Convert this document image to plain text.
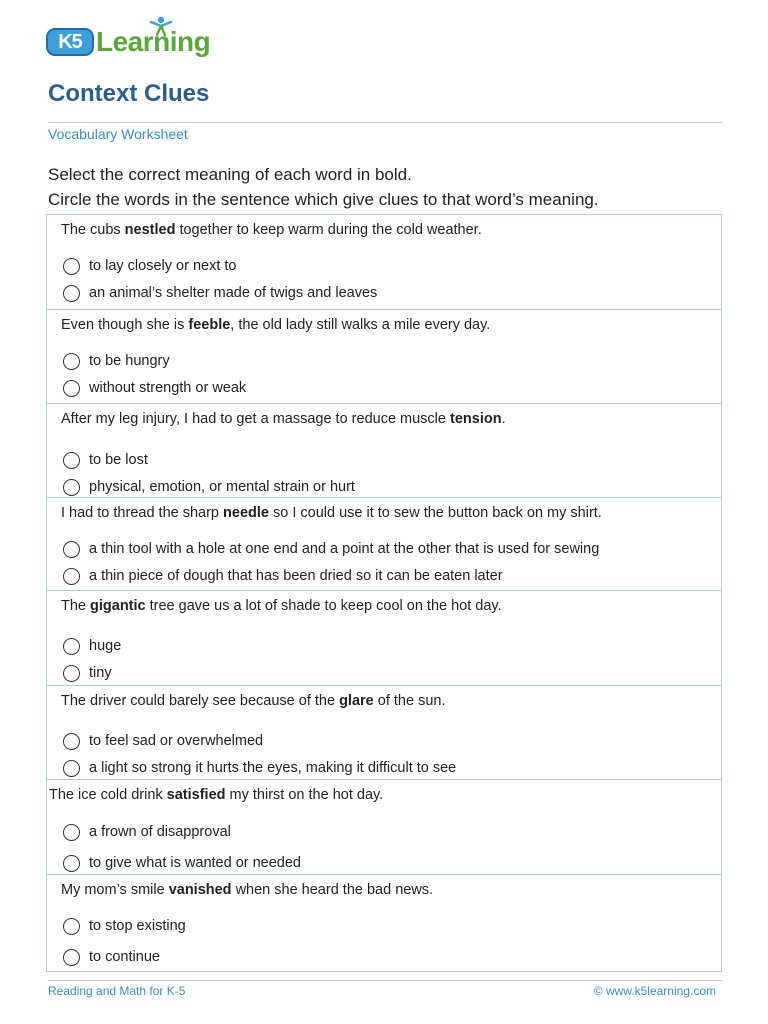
K5 Learning
Context Clues
Vocabulary Worksheet
Select the correct meaning of each word in bold.
Circle the words in the sentence which give clues to that word’s meaning.
The cubs nestled together to keep warm during the cold weather.
to lay closely or next to
an animal’s shelter made of twigs and leaves
Even though she is feeble, the old lady still walks a mile every day.
to be hungry
without strength or weak
After my leg injury, I had to get a massage to reduce muscle tension.
to be lost
physical, emotion, or mental strain or hurt
I had to thread the sharp needle so I could use it to sew the button back on my shirt.
a thin tool with a hole at one end and a point at the other that is used for sewing
a thin piece of dough that has been dried so it can be eaten later
The gigantic tree gave us a lot of shade to keep cool on the hot day.
huge
tiny
The driver could barely see because of the glare of the sun.
to feel sad or overwhelmed
a light so strong it hurts the eyes, making it difficult to see
The ice cold drink satisfied my thirst on the hot day.
a frown of disapproval
to give what is wanted or needed
My mom’s smile vanished when she heard the bad news.
to stop existing
to continue
Reading and Math for K-5	© www.k5learning.com
